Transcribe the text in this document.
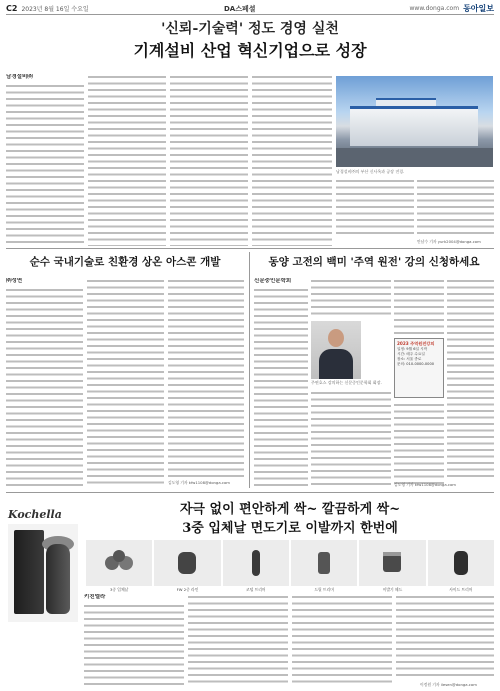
C2 2023년 8월 16일 수요일	DA스페셜	www.donga.com 동아일보
'신뢰-기술력' 정도 경영 실천
기계설비 산업 혁신기업으로 성장
남경설비㈜
남경설비㈜의 부산 신사옥과 공장 전경.
안남수 기자 yurk2004@donga.com
순수 국내기술로 친환경 상온 아스콘 개발
㈜성연
김도영 기자 kfw1108@donga.com
동양 고전의 백미 '주역 원전' 강의 신청하세요
신문중인문학회
주연호스 강의하는 신문중인문학회 회장.
2023 주역원전강의
일정: 9월 6일 시작
시간: 매주 수요일
장소: 서울 종로
문의: 010-0000-0000
김도영 기자 kfw1108@donga.com
Kochella	자극 없이 편안하게 싹~ 깔끔하게 싹~
3중 입체날 면도기로 이발까지 한번에
3중 입체날	FW 2중 라인	코털 트리머	드릴 트리머	이발기 헤드	사이드 트리머
키친엘라
이정원 기자 ilesen@donga.com
